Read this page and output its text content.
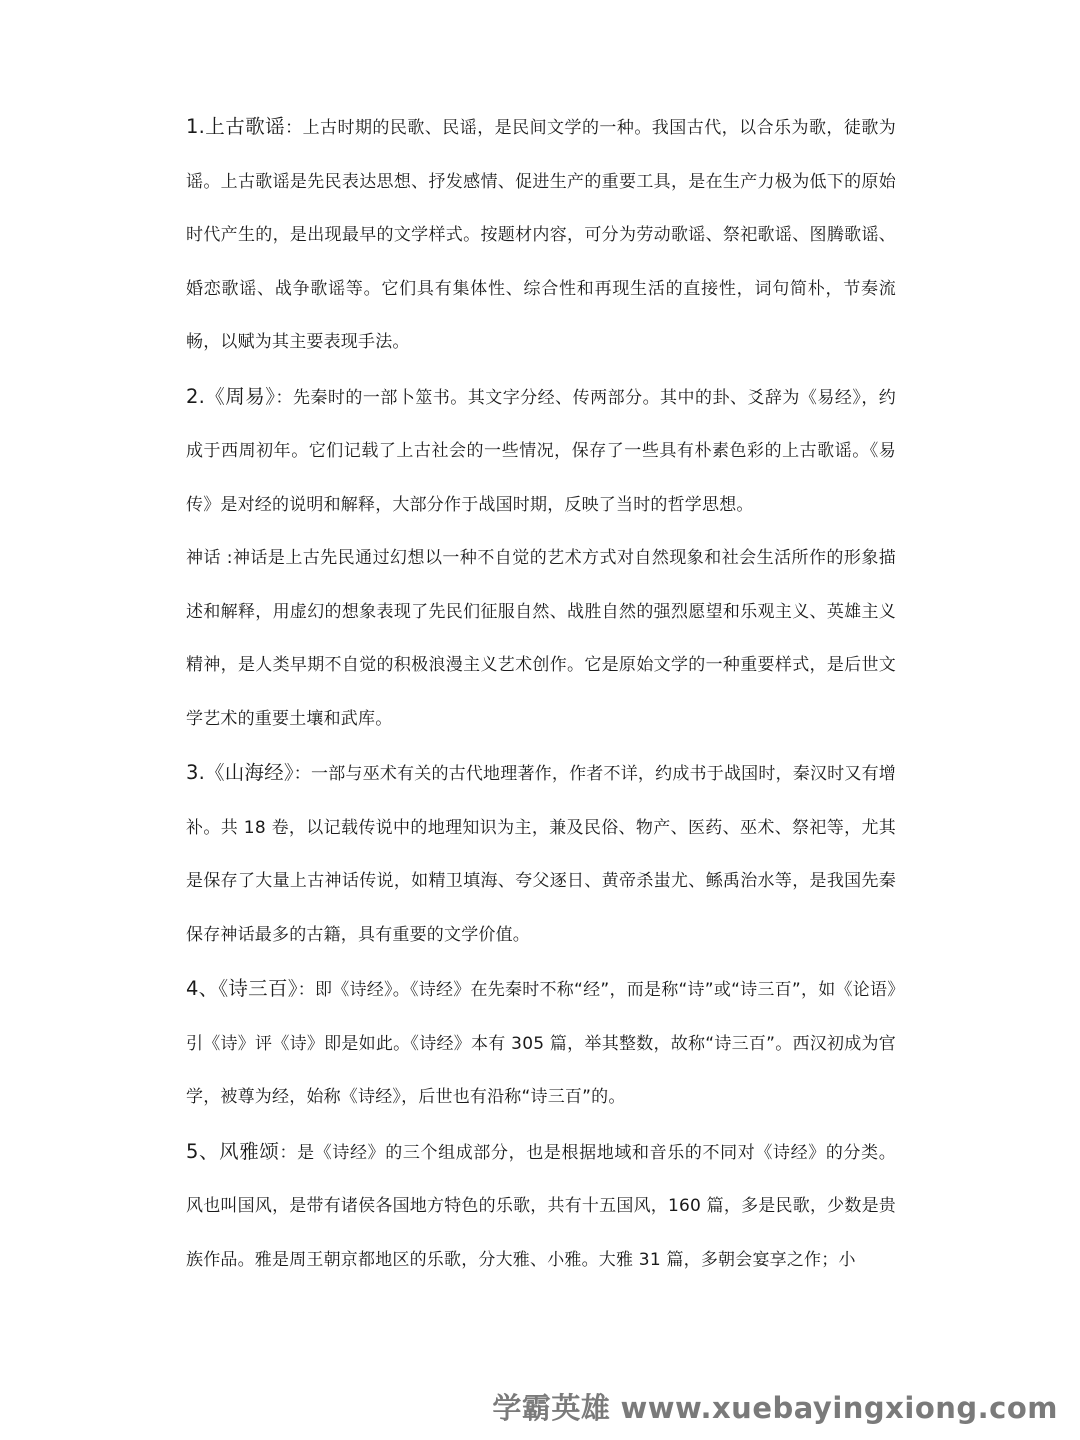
1.上古歌谣：上古时期的民歌、民谣，是民间文学的一种。我国古代，以合乐为歌，徒歌为谣。上古歌谣是先民表达思想、抒发感情、促进生产的重要工具，是在生产力极为低下的原始时代产生的，是出现最早的文学样式。按题材内容，可分为劳动歌谣、祭祀歌谣、图腾歌谣、婚恋歌谣、战争歌谣等。它们具有集体性、综合性和再现生活的直接性，词句简朴，节奏流畅，以赋为其主要表现手法。

2.《周易》：先秦时的一部卜筮书。其文字分经、传两部分。其中的卦、爻辞为《易经》，约成于西周初年。它们记载了上古社会的一些情况，保存了一些具有朴素色彩的上古歌谣。《易传》是对经的说明和解释，大部分作于战国时期，反映了当时的哲学思想。

神话 :神话是上古先民通过幻想以一种不自觉的艺术方式对自然现象和社会生活所作的形象描述和解释，用虚幻的想象表现了先民们征服自然、战胜自然的强烈愿望和乐观主义、英雄主义精神，是人类早期不自觉的积极浪漫主义艺术创作。它是原始文学的一种重要样式，是后世文学艺术的重要土壤和武库。

3.《山海经》：一部与巫术有关的古代地理著作，作者不详，约成书于战国时，秦汉时又有增补。共 18 卷，以记载传说中的地理知识为主，兼及民俗、物产、医药、巫术、祭祀等，尤其是保存了大量上古神话传说，如精卫填海、夸父逐日、黄帝杀蚩尤、鲧禹治水等，是我国先秦保存神话最多的古籍，具有重要的文学价值。

4、《诗三百》：即《诗经》。《诗经》在先秦时不称“经”，而是称“诗”或“诗三百”，如《论语》引《诗》评《诗》即是如此。《诗经》本有 305 篇，举其整数，故称“诗三百”。西汉初成为官学，被尊为经，始称《诗经》，后世也有沿称“诗三百”的。

5、风雅颂：是《诗经》的三个组成部分，也是根据地域和音乐的不同对《诗经》的分类。风也叫国风，是带有诸侯各国地方特色的乐歌，共有十五国风，160 篇，多是民歌，少数是贵族作品。雅是周王朝京都地区的乐歌，分大雅、小雅。大雅 31 篇，多朝会宴享之作；小

学霸英雄 www.xuebayingxiong.com
